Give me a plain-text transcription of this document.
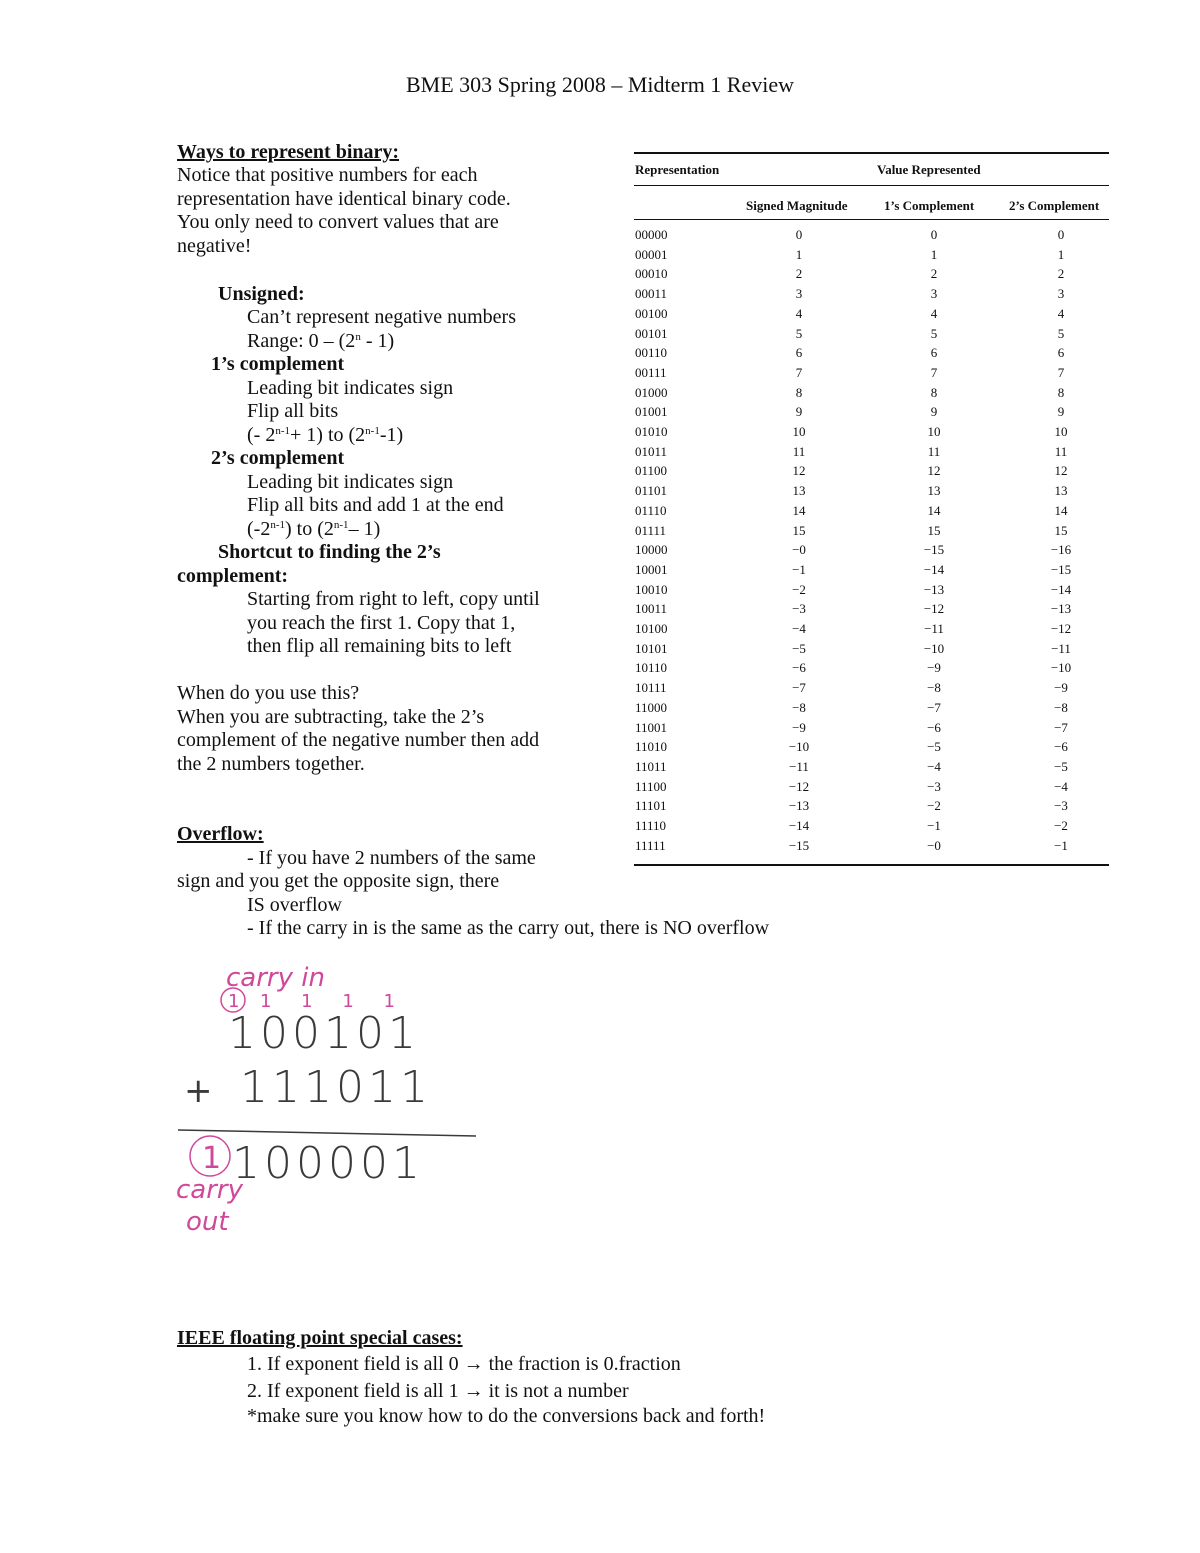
BME 303 Spring 2008 – Midterm 1 Review
Ways to represent binary:
Notice that positive numbers for each
representation have identical binary code.
You only need to convert values that are
negative!
Unsigned:
Can’t represent negative numbers
Range: 0 – (2$^n$ - 1)
1’s complement
Leading bit indicates sign
Flip all bits
(- $2^{n-1}+ 1$) to (2$^{n-1}$-1)
2’s complement
Leading bit indicates sign
Flip all bits and add 1 at the end
(-2$^{n-1}$) to (2$^{n-1}$– 1)
Shortcut to finding the 2’s
complement:
Starting from right to left, copy until
you reach the first 1. Copy that 1,
then flip all remaining bits to left
When do you use this?
When you are subtracting, take the 2’s
complement of the negative number then add
the 2 numbers together.
Overflow:
- If you have 2 numbers of the same
sign and you get the opposite sign, there
IS overflow
- If the carry in is the same as the carry out, there is NO overflow
Representation	Value Represented
Signed Magnitude	1’s Complement	2’s Complement
00000	0	0	0
00001	1	1	1
00010	2	2	2
00011	3	3	3
00100	4	4	4
00101	5	5	5
00110	6	6	6
00111	7	7	7
01000	8	8	8
01001	9	9	9
01010	10	10	10
01011	11	11	11
01100	12	12	12
01101	13	13	13
01110	14	14	14
01111	15	15	15
10000	−0	−15	−16
10001	−1	−14	−15
10010	−2	−13	−14
10011	−3	−12	−13
10100	−4	−11	−12
10101	−5	−10	−11
10110	−6	−9	−10
10111	−7	−8	−9
11000	−8	−7	−8
11001	−9	−6	−7
11010	−10	−5	−6
11011	−11	−4	−5
11100	−12	−3	−4
11101	−13	−2	−3
11110	−14	−1	−2
11111	−15	−0	−1
carry in
1 1 1 1 1
100101
+ 111011
1 100001
carry
out
IEEE floating point special cases:
1. If exponent field is all 0 → the fraction is 0.fraction
2. If exponent field is all 1 → it is not a number
*make sure you know how to do the conversions back and forth!
